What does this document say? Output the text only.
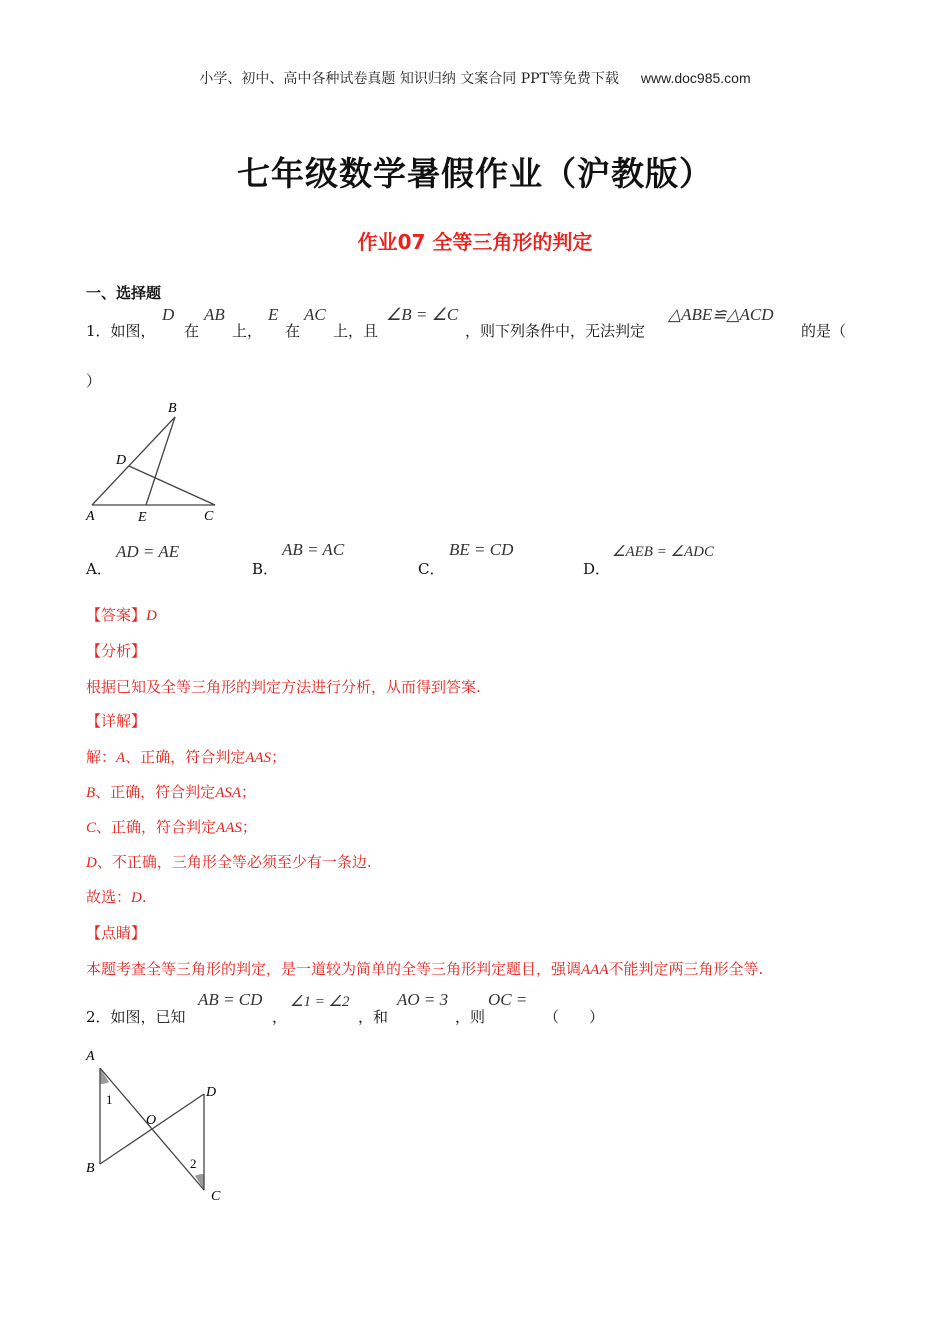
小学、初中、高中各种试卷真题 知识归纳 文案合同 PPT等免费下载 www.doc985.com
七年级数学暑假作业（沪教版）
作业07 全等三角形的判定
一、选择题
1．如图，
D
在
AB
上，
E
在
AC
上，且
∠B = ∠C
，则下列条件中，无法判定
△ABE≌△ACD
的是（
）
B
D
A	E	C
A．
AD = AE
B．
AB = AC
C．
BE = CD
D．
∠AEB = ∠ADC
【答案】D
【分析】
根据已知及全等三角形的判定方法进行分析，从而得到答案.
【详解】
解：A、正确，符合判定AAS；
B、正确，符合判定ASA；
C、正确，符合判定AAS；
D、不正确，三角形全等必须至少有一条边.
故选：D.
【点睛】
本题考查全等三角形的判定，是一道较为简单的全等三角形判定题目，强调AAA不能判定两三角形全等.
2．如图，已知
AB = CD
，
∠1 = ∠2
，和
AO = 3
，则
OC =
（　　）
A
B
D
C
O
1
2
